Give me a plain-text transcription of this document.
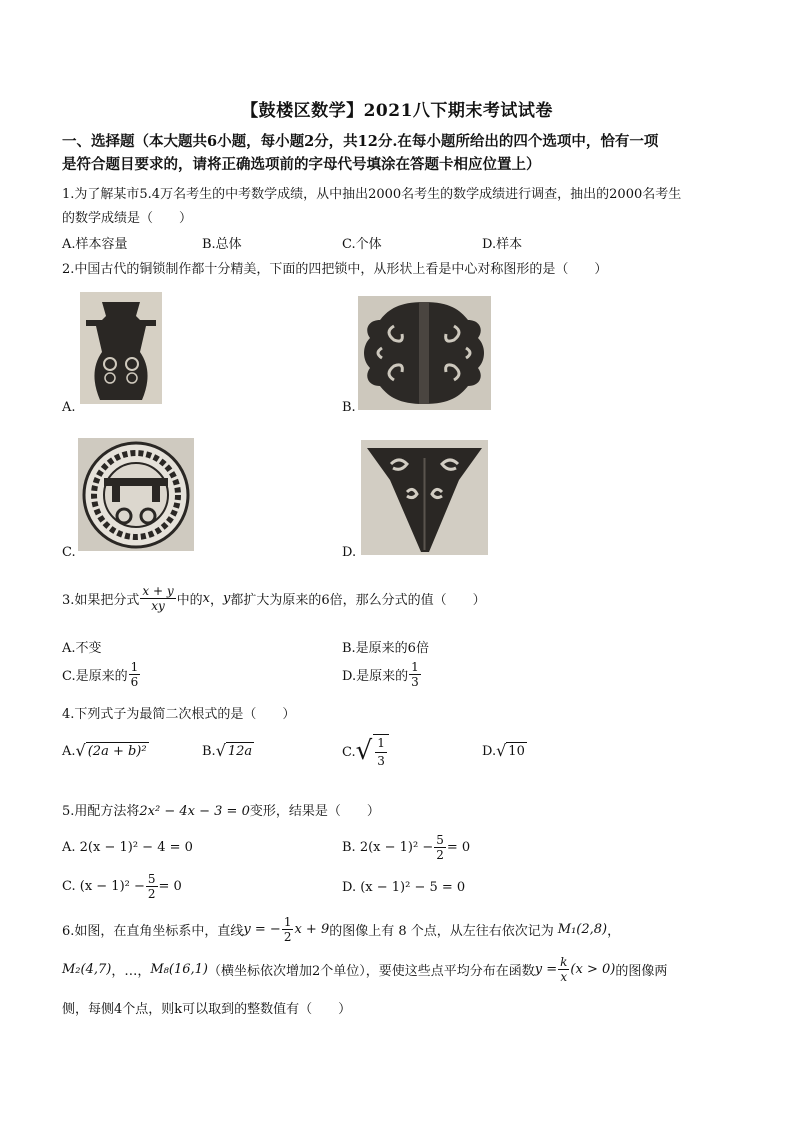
【鼓楼区数学】2021八下期末考试试卷
一、选择题（本大题共6小题，每小题2分，共12分.在每小题所给出的四个选项中，恰有一项
是符合题目要求的，请将正确选项前的字母代号填涂在答题卡相应位置上）
1.为了解某市5.4万名考生的中考数学成绩，从中抽出2000名考生的数学成绩进行调查，抽出的2000名考生
的数学成绩是（　　）
A.样本容量	B.总体	C.个体	D.样本
2.中国古代的铜锁制作都十分精美，下面的四把锁中，从形状上看是中心对称图形的是（　　）
A.	B.
C.	D.
3.如果把分式 $\frac{x + y}{xy}$ 中的 x ， y 都扩大为原来的6倍，那么分式的值（　　）
A.不变	B.是原来的6倍
C.是原来的 $\frac{1}{6}$	D.是原来的 $\frac{1}{3}$
4.下列式子为最简二次根式的是（　　）
A. √ (2a + b)²	B. √ 12a	C. √ $\frac{1}{3}$	D. √ 10
5.用配方法将2x² − 4x − 3 = 0变形，结果是（　　）
A. 2(x − 1)² − 4 = 0	B. $2(x - 1)^2 - \frac{5}{2} = 0$
C. $(x - 1)^2 - \frac{5}{2} = 0$	D. (x − 1)² − 5 = 0
6.如图，在直角坐标系中，直线 y = − $\frac{1}{2}$ x + 9 的图像上有 8 个点，从左往右依次记为 M₁(2,8) ，
M₂(4,7) ，…， M₈(16,1) （横坐标依次增加2个单位），要使这些点平均分布在函数 $y = \frac{k}{x} (x > 0)$ 的图像两
侧，每侧4个点，则k可以取到的整数值有（　　）
